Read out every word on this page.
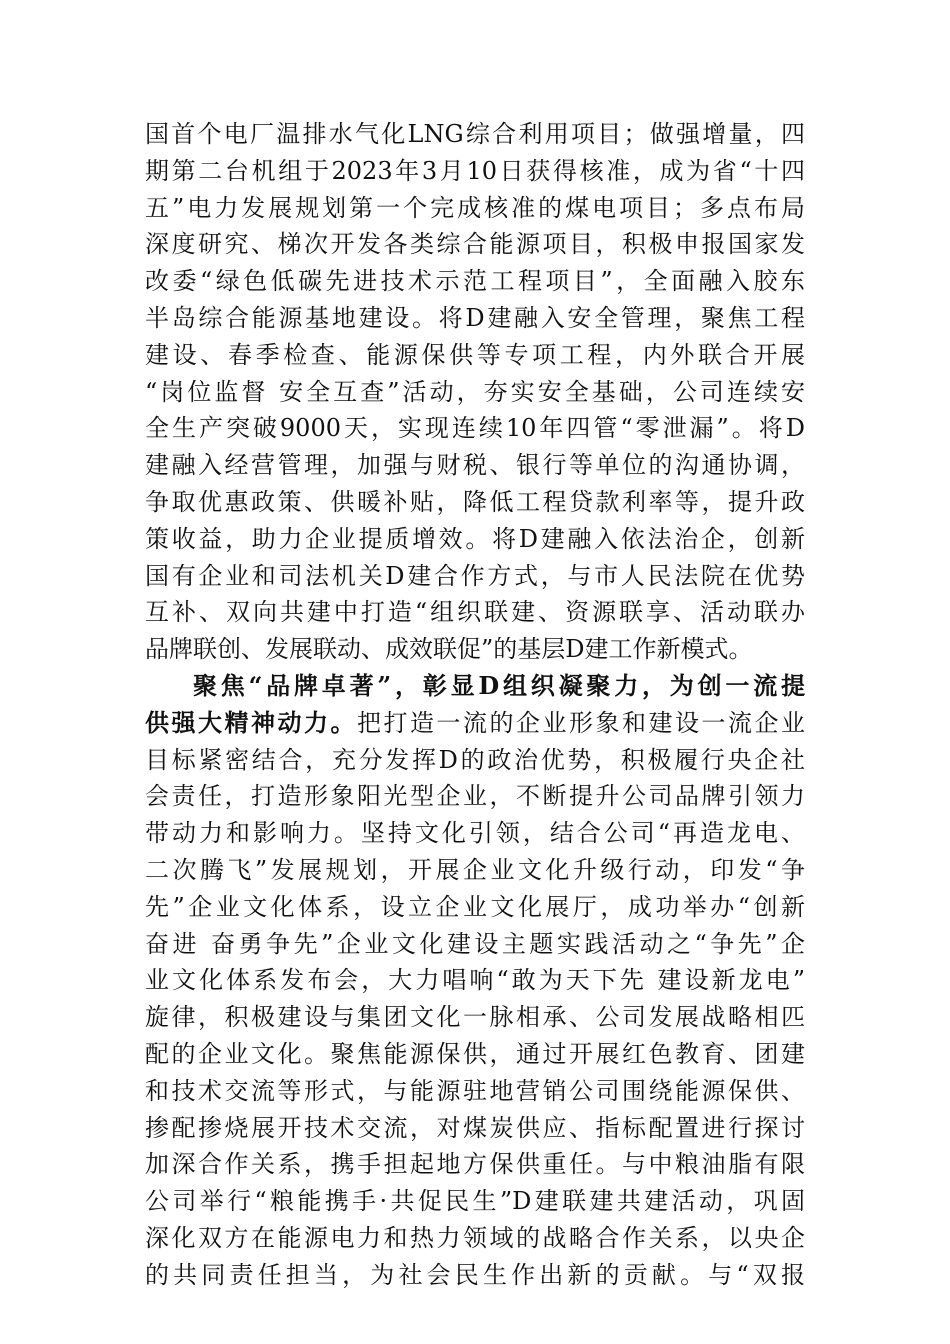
国首个电厂温排水气化LNG综合利用项目；做强增量，四
期第二台机组于2023年3月10日获得核准，成为省“十四
五”电力发展规划第一个完成核准的煤电项目；多点布局
深度研究、梯次开发各类综合能源项目，积极申报国家发
改委“绿色低碳先进技术示范工程项目”，全面融入胶东
半岛综合能源基地建设。将D建融入安全管理，聚焦工程
建设、春季检查、能源保供等专项工程，内外联合开展
“岗位监督 安全互查”活动，夯实安全基础，公司连续安
全生产突破9000天，实现连续10年四管“零泄漏”。将D
建融入经营管理，加强与财税、银行等单位的沟通协调，
争取优惠政策、供暖补贴，降低工程贷款利率等，提升政
策收益，助力企业提质增效。将D建融入依法治企，创新
国有企业和司法机关D建合作方式，与市人民法院在优势
互补、双向共建中打造“组织联建、资源联享、活动联办
品牌联创、发展联动、成效联促”的基层D建工作新模式。
聚焦“品牌卓著”，彰显D组织凝聚力，为创一流提
供强大精神动力。把打造一流的企业形象和建设一流企业
目标紧密结合，充分发挥D的政治优势，积极履行央企社
会责任，打造形象阳光型企业，不断提升公司品牌引领力
带动力和影响力。坚持文化引领，结合公司“再造龙电、
二次腾飞”发展规划，开展企业文化升级行动，印发“争
先”企业文化体系，设立企业文化展厅，成功举办“创新
奋进 奋勇争先”企业文化建设主题实践活动之“争先”企
业文化体系发布会，大力唱响“敢为天下先 建设新龙电”
旋律，积极建设与集团文化一脉相承、公司发展战略相匹
配的企业文化。聚焦能源保供，通过开展红色教育、团建
和技术交流等形式，与能源驻地营销公司围绕能源保供、
掺配掺烧展开技术交流，对煤炭供应、指标配置进行探讨
加深合作关系，携手担起地方保供重任。与中粮油脂有限
公司举行“粮能携手·共促民生”D建联建共建活动，巩固
深化双方在能源电力和热力领域的战略合作关系，以央企
的共同责任担当，为社会民生作出新的贡献。与“双报
